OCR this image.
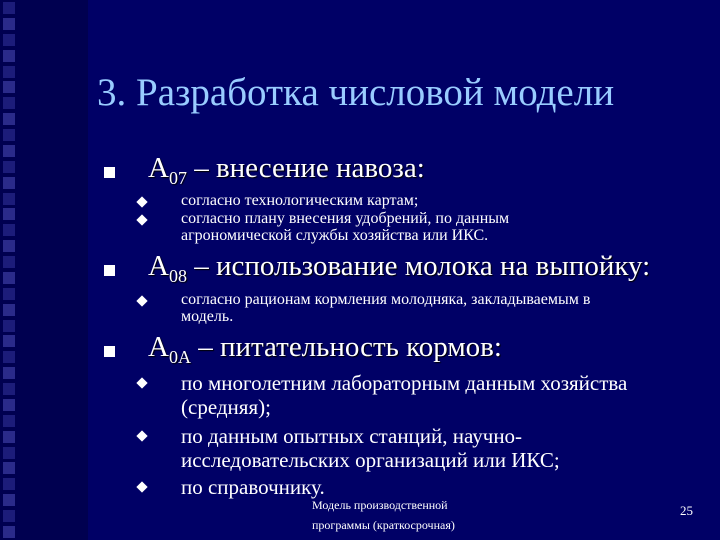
3. Разработка числовой модели
$A_{07}$ – внесение навоза:
согласно технологическим картам;
согласно плану внесения удобрений, по данным
агрономической службы хозяйства или ИКС.
$A_{08}$ – использование молока на выпойку:
согласно рационам кормления молодняка, закладываемым в
модель.
$A_{0A}$ – питательность кормов:
по многолетним лабораторным данным хозяйства
(средняя);
по данным опытных станций, научно-
исследовательских организаций или ИКС;
по справочнику.
Модель производственной
программы (краткосрочная)
25
